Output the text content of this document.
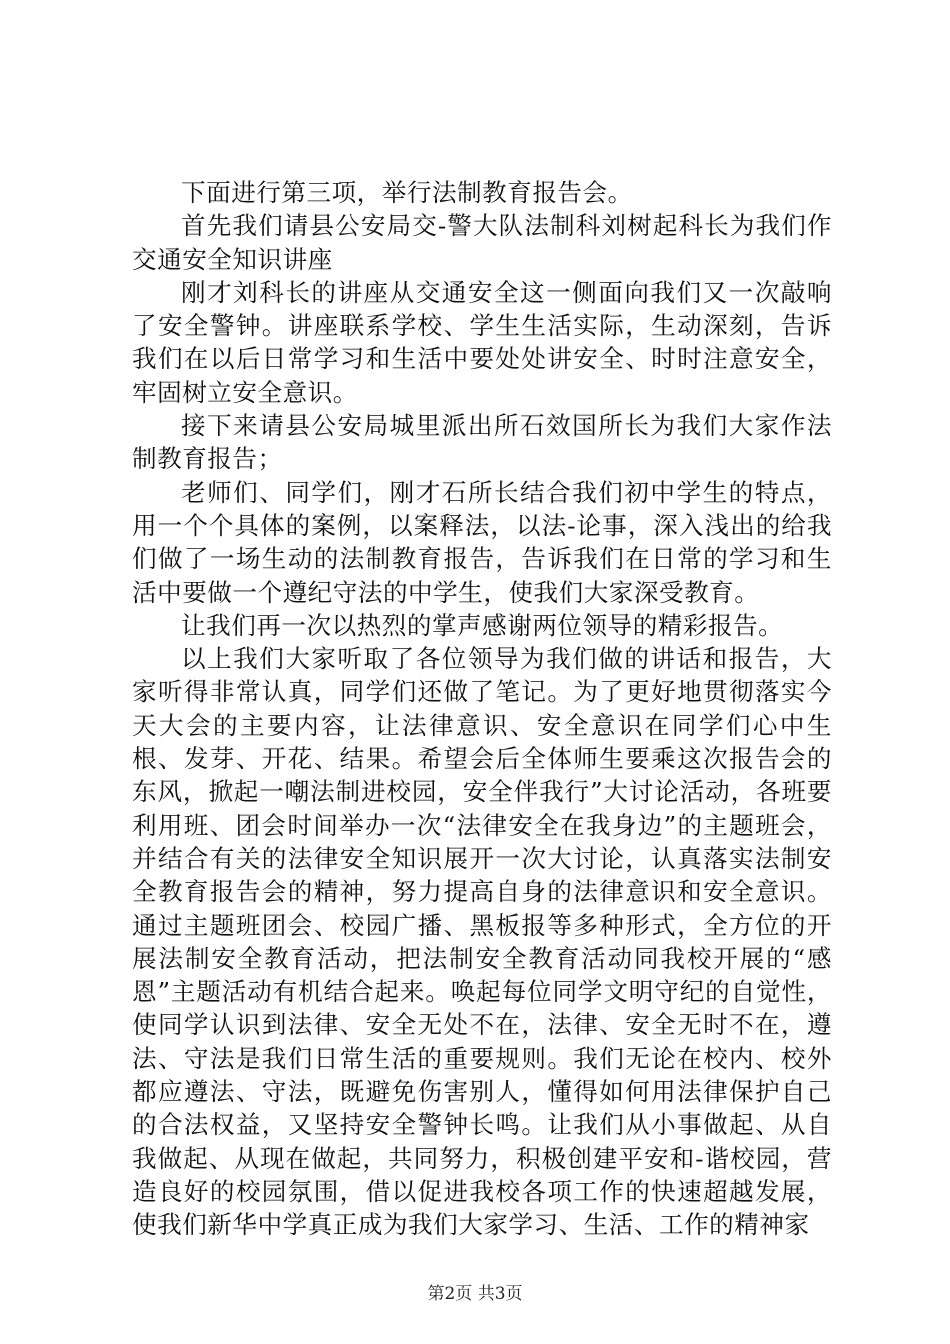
下面进行第三项，举行法制教育报告会。

首先我们请县公安局交-警大队法制科刘树起科长为我们作交通安全知识讲座

刚才刘科长的讲座从交通安全这一侧面向我们又一次敲响了安全警钟。讲座联系学校、学生生活实际，生动深刻，告诉我们在以后日常学习和生活中要处处讲安全、时时注意安全，牢固树立安全意识。

接下来请县公安局城里派出所石效国所长为我们大家作法制教育报告；

老师们、同学们，刚才石所长结合我们初中学生的特点，用一个个具体的案例，以案释法，以法-论事，深入浅出的给我们做了一场生动的法制教育报告，告诉我们在日常的学习和生活中要做一个遵纪守法的中学生，使我们大家深受教育。

让我们再一次以热烈的掌声感谢两位领导的精彩报告。

以上我们大家听取了各位领导为我们做的讲话和报告，大家听得非常认真，同学们还做了笔记。为了更好地贯彻落实今天大会的主要内容，让法律意识、安全意识在同学们心中生根、发芽、开花、结果。希望会后全体师生要乘这次报告会的东风，掀起一嘲法制进校园，安全伴我行”大讨论活动，各班要利用班、团会时间举办一次“法律安全在我身边”的主题班会，并结合有关的法律安全知识展开一次大讨论，认真落实法制安全教育报告会的精神，努力提高自身的法律意识和安全意识。通过主题班团会、校园广播、黑板报等多种形式，全方位的开展法制安全教育活动，把法制安全教育活动同我校开展的“感恩”主题活动有机结合起来。唤起每位同学文明守纪的自觉性，使同学认识到法律、安全无处不在，法律、安全无时不在，遵法、守法是我们日常生活的重要规则。我们无论在校内、校外都应遵法、守法，既避免伤害别人，懂得如何用法律保护自己的合法权益，又坚持安全警钟长鸣。让我们从小事做起、从自我做起、从现在做起，共同努力，积极创建平安和-谐校园，营造良好的校园氛围，借以促进我校各项工作的快速超越发展，使我们新华中学真正成为我们大家学习、生活、工作的精神家

第2页 共3页
